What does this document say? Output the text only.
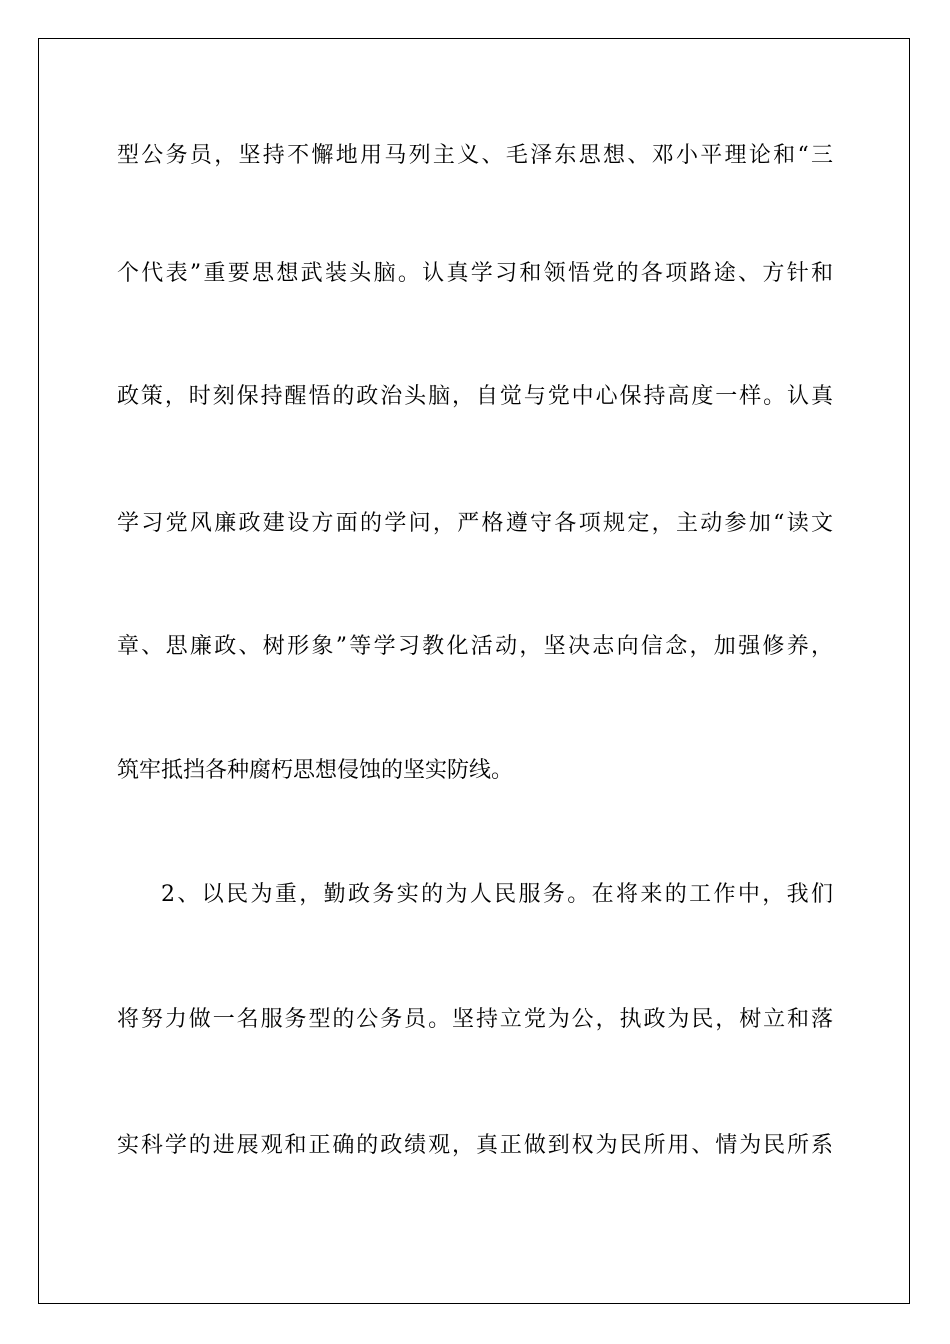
型公务员，坚持不懈地用马列主义、毛泽东思想、邓小平理论和“三
个代表”重要思想武装头脑。认真学习和领悟党的各项路途、方针和
政策，时刻保持醒悟的政治头脑，自觉与党中心保持高度一样。认真
学习党风廉政建设方面的学问，严格遵守各项规定，主动参加“读文
章、思廉政、树形象”等学习教化活动，坚决志向信念，加强修养，
筑牢抵挡各种腐朽思想侵蚀的坚实防线。
2、以民为重，勤政务实的为人民服务。在将来的工作中，我们
将努力做一名服务型的公务员。坚持立党为公，执政为民，树立和落
实科学的进展观和正确的政绩观，真正做到权为民所用、情为民所系
